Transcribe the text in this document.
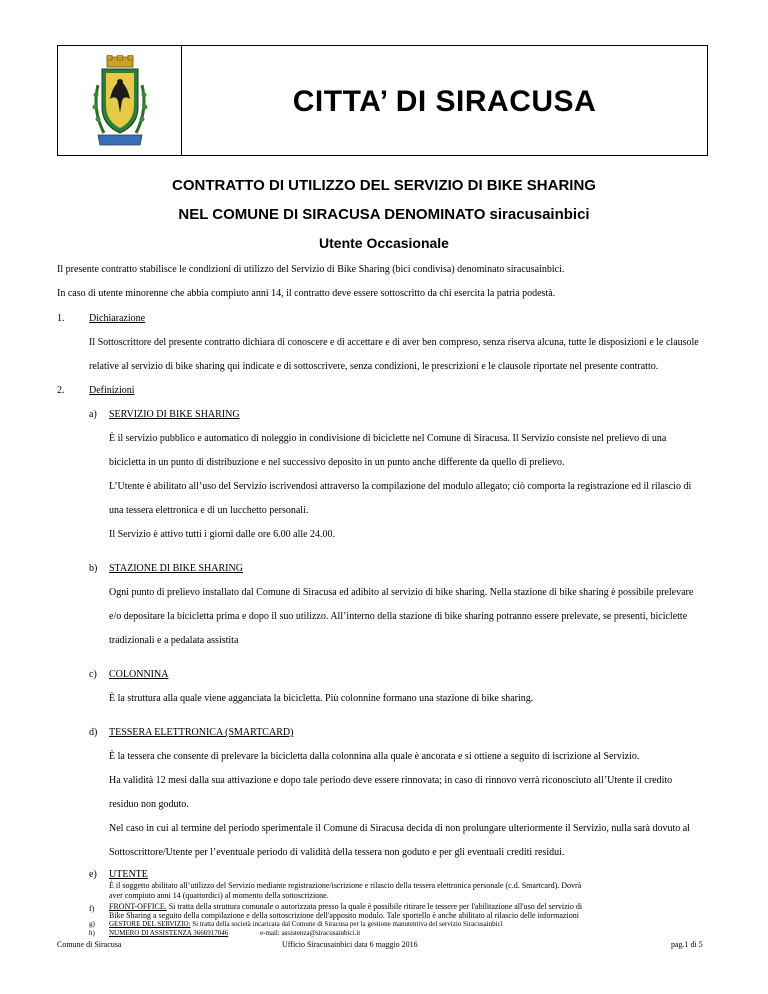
CITTA’ DI SIRACUSA
CONTRATTO DI UTILIZZO DEL SERVIZIO DI BIKE SHARING
NEL COMUNE DI SIRACUSA DENOMINATO siracusainbici
Utente Occasionale
Il presente contratto stabilisce le condizioni di utilizzo del Servizio di Bike Sharing (bici condivisa) denominato siracusainbici.
In caso di utente minorenne che abbia compiuto anni 14, il contratto deve essere sottoscritto da chi esercita la patria podestà.
1. Dichiarazione
Il Sottoscrittore del presente contratto dichiara di conoscere e di accettare e di aver ben compreso, senza riserva alcuna, tutte le disposizioni e le clausole
relative al servizio di bike sharing qui indicate e di sottoscrivere, senza condizioni, le prescrizioni e le clausole riportate nel presente contratto.
2. Definizioni
a) SERVIZIO DI BIKE SHARING
È il servizio pubblico e automatico di noleggio in condivisione di biciclette nel Comune di Siracusa. Il Servizio consiste nel prelievo di una
bicicletta in un punto di distribuzione e nel successivo deposito in un punto anche differente da quello di prelievo.
L’Utente è abilitato all’uso del Servizio iscrivendosi attraverso la compilazione del modulo allegato; ciò comporta la registrazione ed il rilascio di
una tessera elettronica e di un lucchetto personali.
Il Servizio è attivo tutti i giorni dalle ore 6.00 alle 24.00.
b) STAZIONE DI BIKE SHARING
Ogni punto di prelievo installato dal Comune di Siracusa ed adibito al servizio di bike sharing. Nella stazione di bike sharing è possibile prelevare
e/o depositare la bicicletta prima e dopo il suo utilizzo. All’interno della stazione di bike sharing potranno essere prelevate, se presenti, biciclette
tradizionali e a pedalata assistita
c) COLONNINA
È la struttura alla quale viene agganciata la bicicletta. Più colonnine formano una stazione di bike sharing.
d) TESSERA ELETTRONICA (SMARTCARD)
È la tessera che consente di prelevare la bicicletta dalla colonnina alla quale è ancorata e si ottiene a seguito di iscrizione al Servizio.
Ha validità 12 mesi dalla sua attivazione e dopo tale periodo deve essere rinnovata; in caso di rinnovo verrà riconosciuto all’Utente il credito
residuo non goduto.
Nel caso in cui al termine del periodo sperimentale il Comune di Siracusa decida di non prolungare ulteriormente il Servizio, nulla sarà dovuto al
Sottoscrittore/Utente per l’eventuale periodo di validità della tessera non goduto e per gli eventuali crediti residui.
e) UTENTE
È il soggetto abilitato all’utilizzo del Servizio mediante registrazione/iscrizione e rilascio della tessera elettronica personale (c.d. Smartcard). Dovrà
aver compiuto anni 14 (quattordici) al momento della sottoscrizione.
f) FRONT-OFFICE. Si tratta della struttura comunale o autorizzata presso la quale è possibile ritirare le tessere per l'abilitazione all'uso del servizio di
Bike Sharing a seguito della compilazione e della sottoscrizione dell'apposito modulo. Tale sportello è anche abilitato al rilascio delle informazioni
Comune di Siracusa	Ufficio Siracusainbici data 6 maggio 2016	pag.1 di 5
g) GESTORE DEL SERVIZIO: Si tratta della società incaricata dal Comune di Siracusa per la gestione manutentiva del servizio Siracusainbici
h) NUMERO DI ASSISTENZA 3666917046	e-mail: assistenza@siracusainbici.it
